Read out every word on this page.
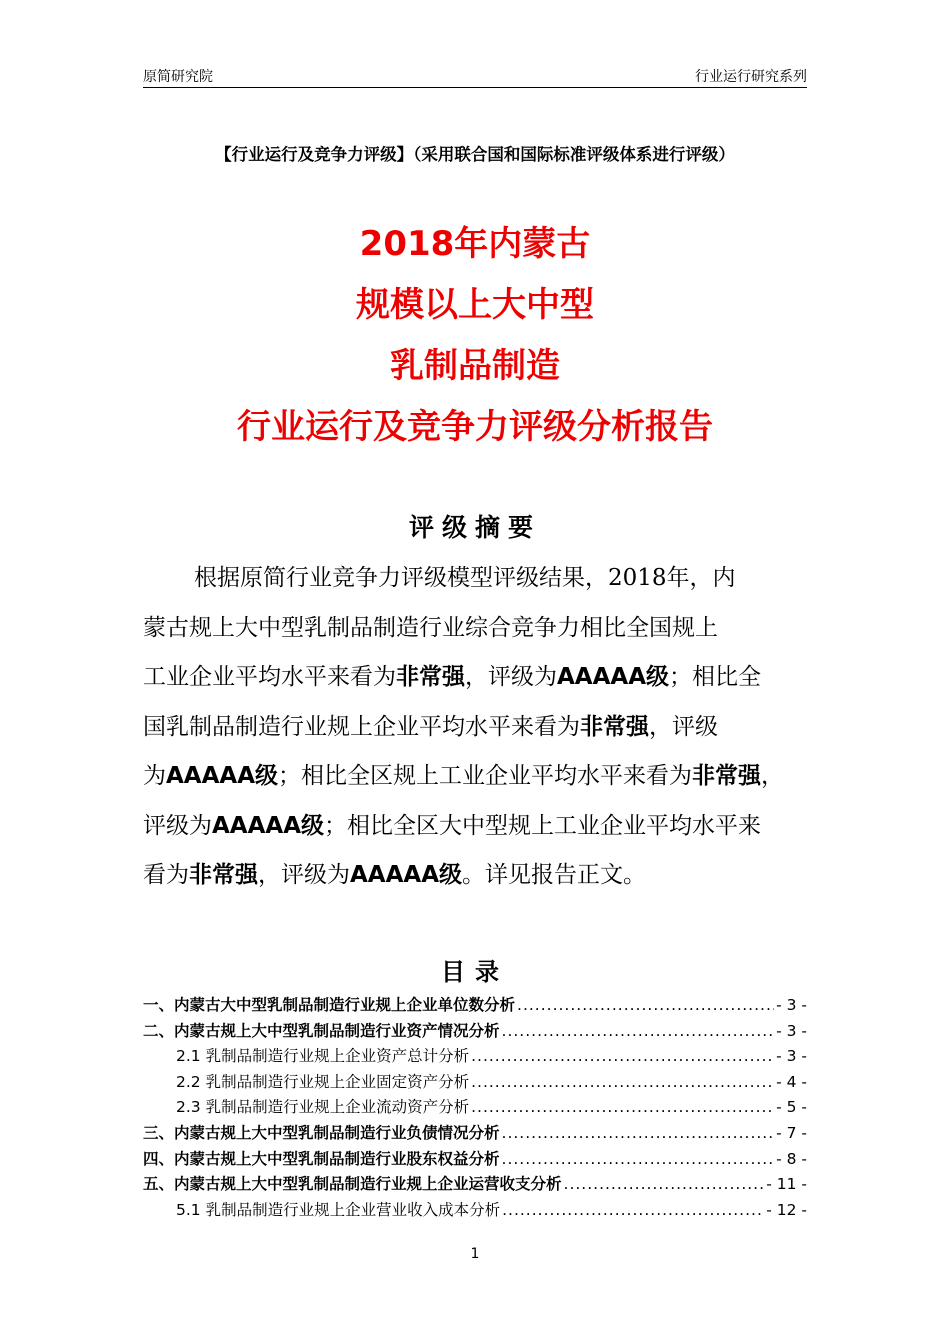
原简研究院	行业运行研究系列
【行业运行及竞争力评级】（采用联合国和国际标准评级体系进行评级）
2018年内蒙古
规模以上大中型
乳制品制造
行业运行及竞争力评级分析报告
评级摘要
根据原简行业竞争力评级模型评级结果，2018年，内
蒙古规上大中型乳制品制造行业综合竞争力相比全国规上
工业企业平均水平来看为非常强，评级为AAAAA级；相比全
国乳制品制造行业规上企业平均水平来看为非常强，评级
为AAAAA级；相比全区规上工业企业平均水平来看为非常强，
评级为AAAAA级；相比全区大中型规上工业企业平均水平来
看为非常强，评级为AAAAA级。详见报告正文。
目录
一、内蒙古大中型乳制品制造行业规上企业单位数分析 .....	- 3 -
二、内蒙古规上大中型乳制品制造行业资产情况分析 .....	- 3 -
2.1 乳制品制造行业规上企业资产总计分析 .....	- 3 -
2.2 乳制品制造行业规上企业固定资产分析 .....	- 4 -
2.3 乳制品制造行业规上企业流动资产分析 .....	- 5 -
三、内蒙古规上大中型乳制品制造行业负债情况分析 .....	- 7 -
四、内蒙古规上大中型乳制品制造行业股东权益分析 .....	- 8 -
五、内蒙古规上大中型乳制品制造行业规上企业运营收支分析 .....	- 11 -
5.1 乳制品制造行业规上企业营业收入成本分析 .....	- 12 -
1
